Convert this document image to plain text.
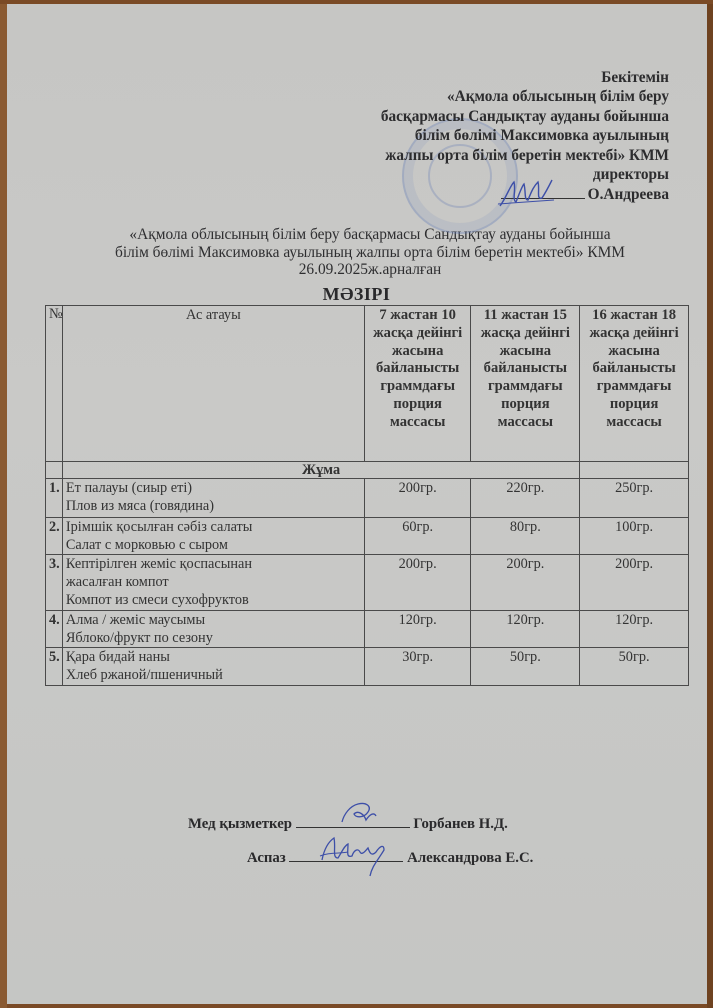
Бекітемін
«Ақмола облысының білім беру
басқармасы Сандықтау ауданы бойынша
білім бөлімі Максимовка ауылының
жалпы орта білім беретін мектебі» КММ
директоры
О.Андреева
«Ақмола облысының білім беру басқармасы Сандықтау ауданы бойынша
білім бөлімі Максимовка ауылының жалпы орта білім беретін мектебі» КММ
26.09.2025ж.арналған
МӘЗІРІ
№	Ас атауы	7 жастан 10 жасқа дейінгі жасына байланысты граммдағы порция массасы	11 жастан 15 жасқа дейінгі жасына байланысты граммдағы порция массасы	16 жастан 18 жасқа дейінгі жасына байланысты граммдағы порция массасы
	Жұма			
1.	Ет палауы (сиыр еті)
Плов из мяса (говядина)	200гр.	220гр.	250гр.
2.	Ірімшік қосылған сәбіз салаты
Салат с морковью с сыром	60гр.	80гр.	100гр.
3.	Кептірілген жеміс қоспасынан жасалған компот
Компот из смеси сухофруктов	200гр.	200гр.	200гр.
4.	Алма / жеміс маусымы
Яблоко/фрукт по сезону	120гр.	120гр.	120гр.
5.	Қара бидай наны
Хлеб ржаной/пшеничный	30гр.	50гр.	50гр.
Мед қызметкер	Горбанев Н.Д.
Аспаз	Александрова Е.С.
